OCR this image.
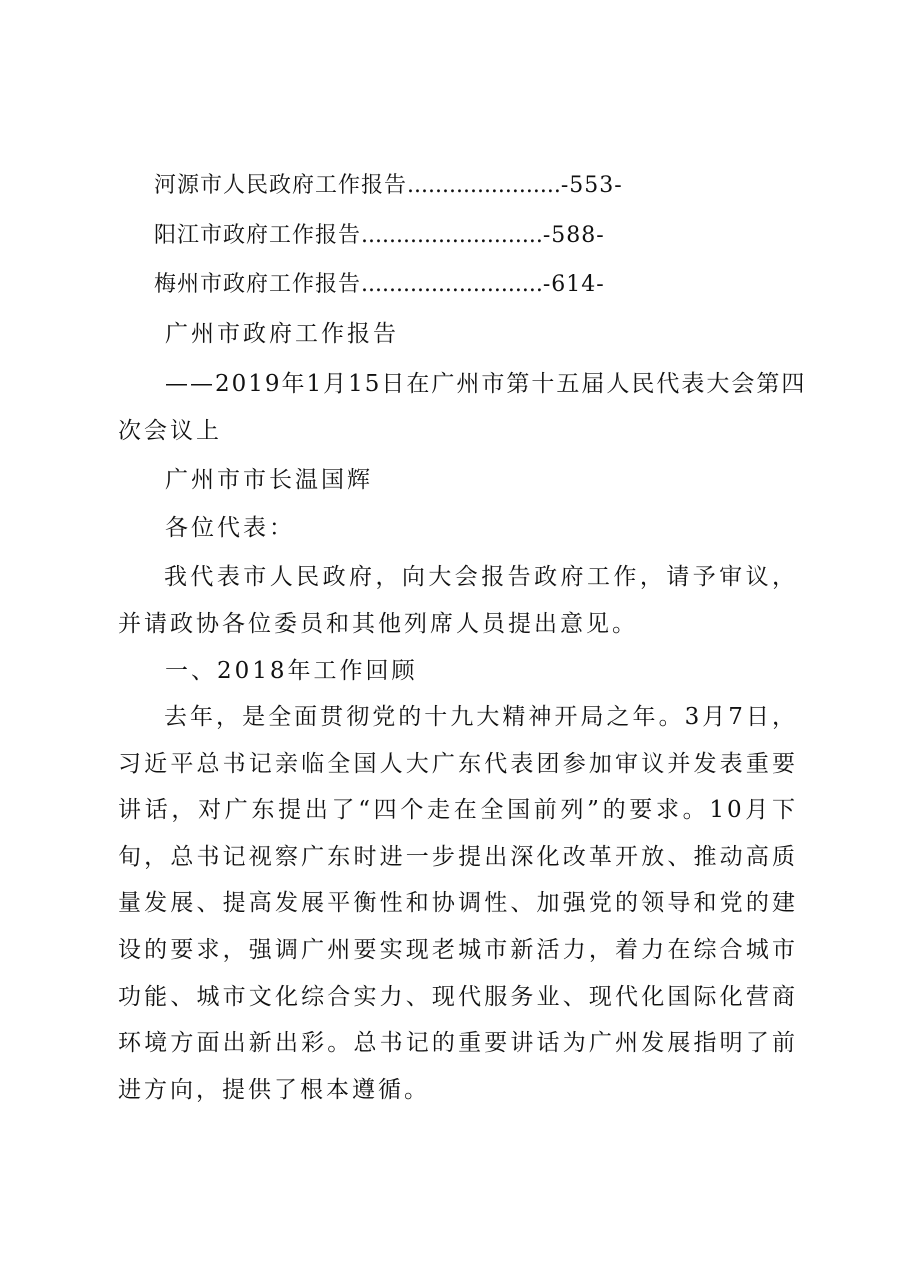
河源市人民政府工作报告......................-553-
阳江市政府工作报告..........................-588-
梅州市政府工作报告..........................-614-
广州市政府工作报告
——2019年1月15日在广州市第十五届人民代表大会第四
次会议上
广州市市长温国辉
各位代表：

我代表市人民政府，向大会报告政府工作，请予审议，并请政协各位委员和其他列席人员提出意见。

一、2018年工作回顾

去年，是全面贯彻党的十九大精神开局之年。3月7日，习近平总书记亲临全国人大广东代表团参加审议并发表重要讲话，对广东提出了“四个走在全国前列”的要求。10月下旬，总书记视察广东时进一步提出深化改革开放、推动高质量发展、提高发展平衡性和协调性、加强党的领导和党的建设的要求，强调广州要实现老城市新活力，着力在综合城市功能、城市文化综合实力、现代服务业、现代化国际化营商环境方面出新出彩。总书记的重要讲话为广州发展指明了前进方向，提供了根本遵循。
